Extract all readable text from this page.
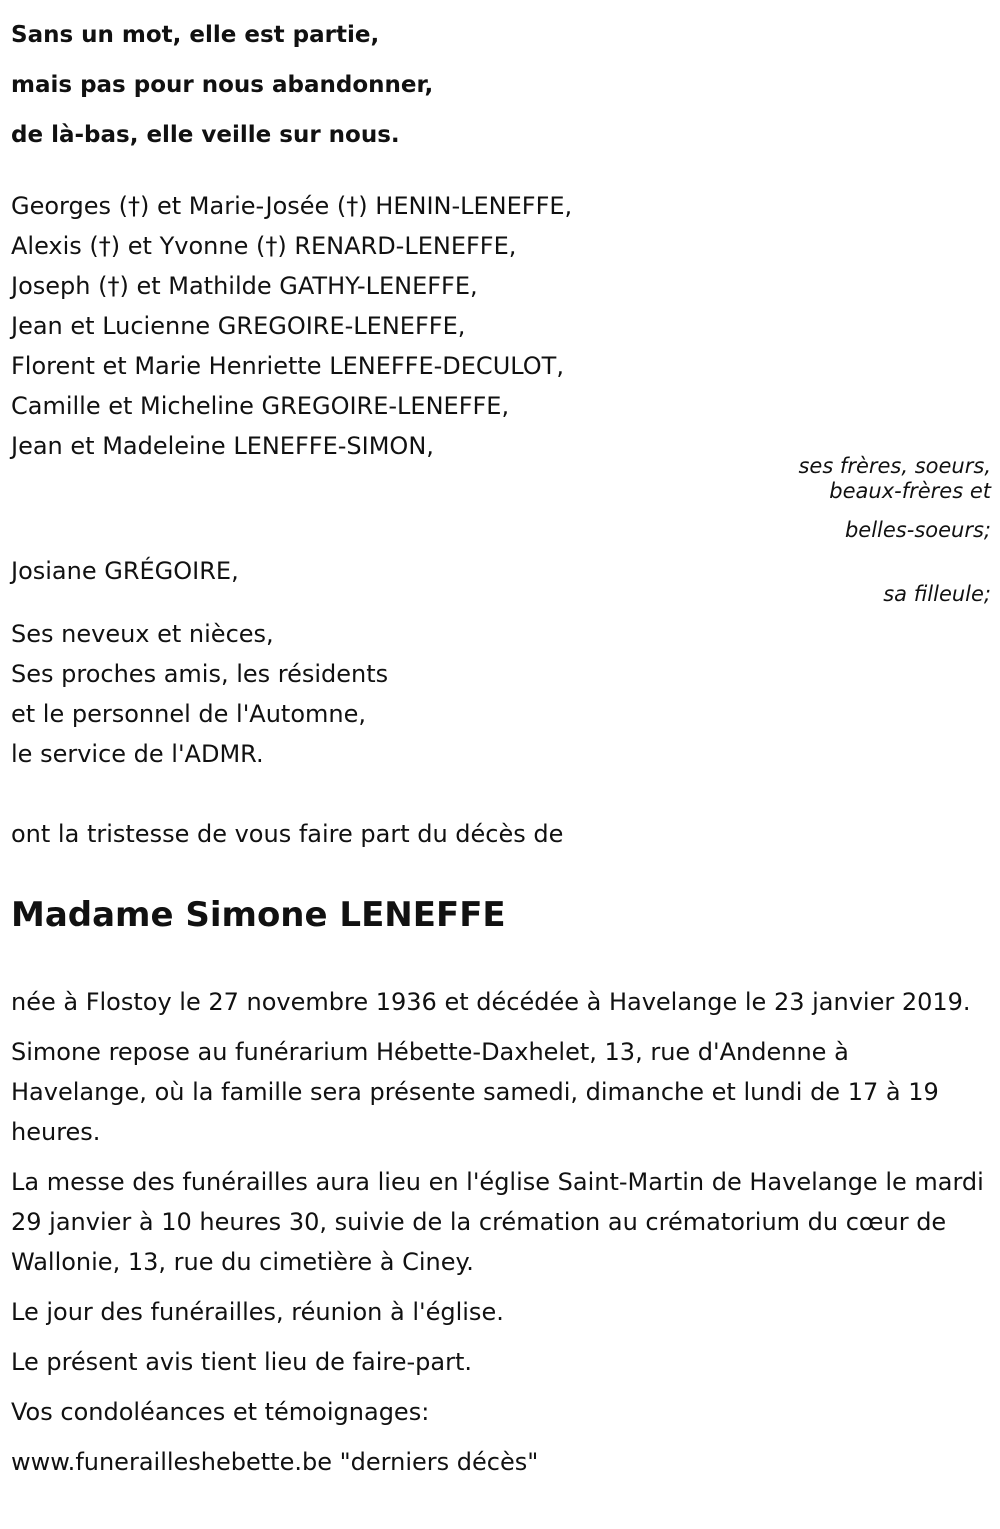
Sans un mot, elle est partie,
mais pas pour nous abandonner,
de là-bas, elle veille sur nous.
Georges (†) et Marie-Josée (†) HENIN-LENEFFE,
Alexis (†) et Yvonne (†) RENARD-LENEFFE,
Joseph (†) et Mathilde GATHY-LENEFFE,
Jean et Lucienne GREGOIRE-LENEFFE,
Florent et Marie Henriette LENEFFE-DECULOT,
Camille et Micheline GREGOIRE-LENEFFE,
Jean et Madeleine LENEFFE-SIMON,
ses frères, soeurs,
beaux-frères et
belles-soeurs;
Josiane GRÉGOIRE,
sa filleule;
Ses neveux et nièces,
Ses proches amis, les résidents
et le personnel de l'Automne,
le service de l'ADMR.
ont la tristesse de vous faire part du décès de
Madame Simone LENEFFE

née à Flostoy le 27 novembre 1936 et décédée à Havelange le 23 janvier 2019.

Simone repose au funérarium Hébette-Daxhelet, 13, rue d'Andenne à Havelange, où la famille sera présente samedi, dimanche et lundi de 17 à 19 heures.

La messe des funérailles aura lieu en l'église Saint-Martin de Havelange le mardi 29 janvier à 10 heures 30, suivie de la crémation au crématorium du cœur de Wallonie, 13, rue du cimetière à Ciney.

Le jour des funérailles, réunion à l'église.

Le présent avis tient lieu de faire-part.

Vos condoléances et témoignages:

www.funerailleshebette.be "derniers décès"
